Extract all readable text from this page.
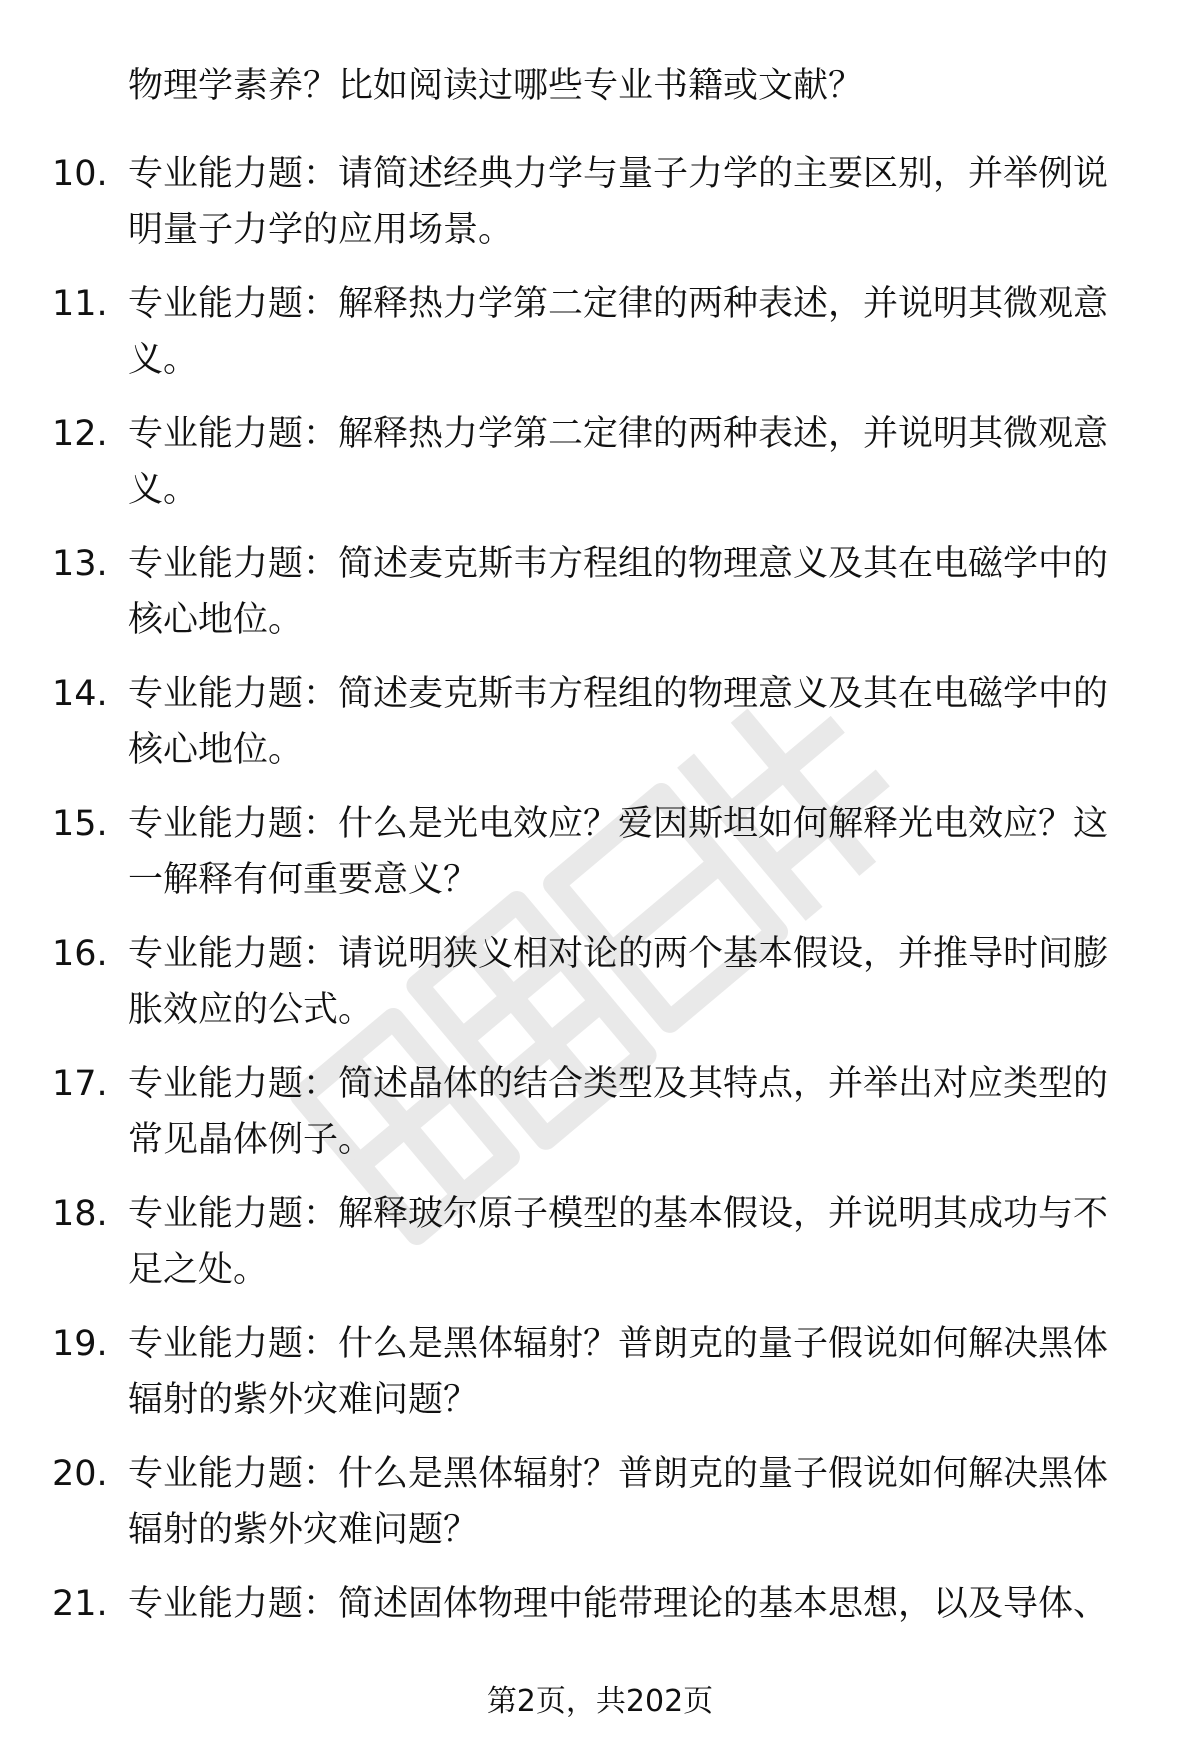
物理学素养？比如阅读过哪些专业书籍或文献？
10. 专业能力题：请简述经典力学与量子力学的主要区别，并举例说明量子力学的应用场景。
11. 专业能力题：解释热力学第二定律的两种表述，并说明其微观意义。
12. 专业能力题：解释热力学第二定律的两种表述，并说明其微观意义。
13. 专业能力题：简述麦克斯韦方程组的物理意义及其在电磁学中的核心地位。
14. 专业能力题：简述麦克斯韦方程组的物理意义及其在电磁学中的核心地位。
15. 专业能力题：什么是光电效应？爱因斯坦如何解释光电效应？这一解释有何重要意义？
16. 专业能力题：请说明狭义相对论的两个基本假设，并推导时间膨胀效应的公式。
17. 专业能力题：简述晶体的结合类型及其特点，并举出对应类型的常见晶体例子。
18. 专业能力题：解释玻尔原子模型的基本假设，并说明其成功与不足之处。
19. 专业能力题：什么是黑体辐射？普朗克的量子假说如何解决黑体辐射的紫外灾难问题？
20. 专业能力题：什么是黑体辐射？普朗克的量子假说如何解决黑体辐射的紫外灾难问题？
21. 专业能力题：简述固体物理中能带理论的基本思想，以及导体、
第2页，共202页
